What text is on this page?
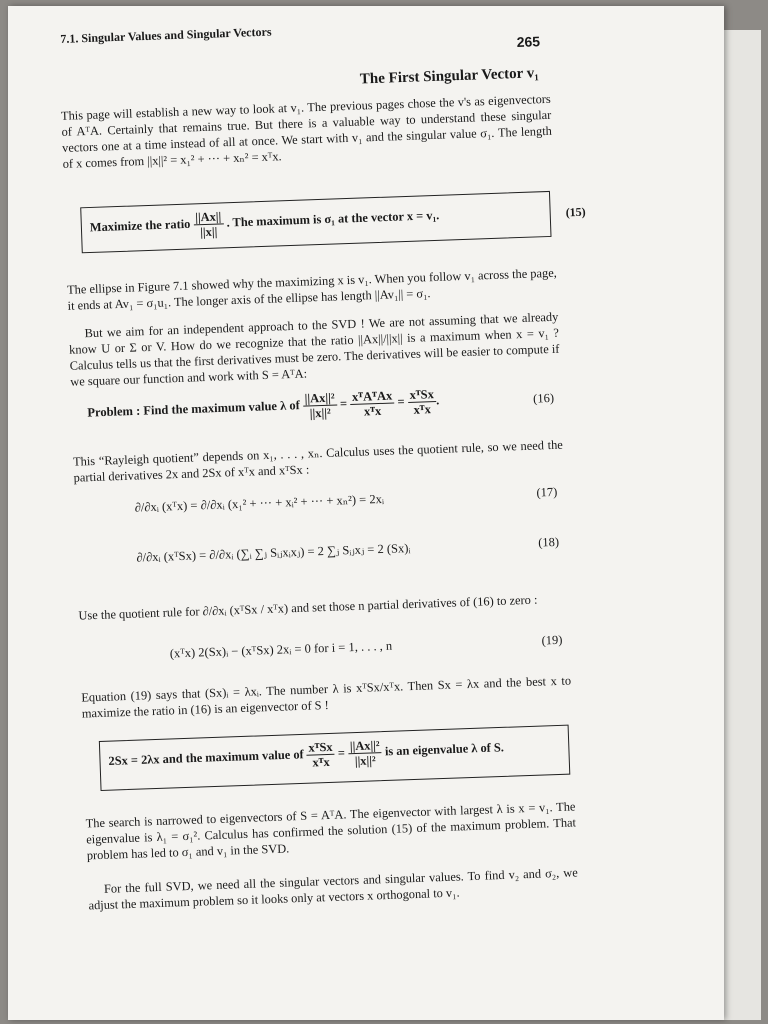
7.1. Singular Values and Singular Vectors	265
The First Singular Vector v₁
This page will establish a new way to look at v₁. The previous pages chose the v's as eigenvectors of AᵀA. Certainly that remains true. But there is a valuable way to understand these singular vectors one at a time instead of all at once. We start with v₁ and the singular value σ₁. The length of x comes from ||x||² = x₁² + ··· + xₙ² = xᵀx.
Maximize the ratio $\frac{||Ax||}{||x||}$ . The maximum is σ₁ at the vector x = v₁.	(15)
The ellipse in Figure 7.1 showed why the maximizing x is v₁. When you follow v₁ across the page, it ends at Av₁ = σ₁u₁. The longer axis of the ellipse has length ||Av₁|| = σ₁.
But we aim for an independent approach to the SVD ! We are not assuming that we already know U or Σ or V. How do we recognize that the ratio ||Ax||/||x|| is a maximum when x = v₁ ? Calculus tells us that the first derivatives must be zero. The derivatives will be easier to compute if we square our function and work with S = AᵀA:
Problem : Find the maximum value λ of $\frac{\text{||Ax||²}}{\text{||x||²}} = \frac{\text{xᵀAᵀAx}}{\text{xᵀx}} = \frac{\text{xᵀSx}}{\text{xᵀx}}$ .	(16)
This “Rayleigh quotient” depends on x₁, . . . , xₙ. Calculus uses the quotient rule, so we need the partial derivatives 2x and 2Sx of xᵀx and xᵀSx :
∂/∂xᵢ (xᵀx) = ∂/∂xᵢ (x₁² + ··· + xᵢ² + ··· + xₙ²) = 2xᵢ	(17)
∂/∂xᵢ (xᵀSx) = ∂/∂xᵢ (∑ᵢ ∑ⱼ Sᵢⱼxᵢxⱼ) = 2 ∑ⱼ Sᵢⱼxⱼ = 2 (Sx)ᵢ	(18)
Use the quotient rule for ∂/∂xᵢ (xᵀSx / xᵀx) and set those n partial derivatives of (16) to zero :
(xᵀx) 2(Sx)ᵢ − (xᵀSx) 2xᵢ = 0 for i = 1, . . . , n	(19)
Equation (19) says that (Sx)ᵢ = λxᵢ. The number λ is xᵀSx/xᵀx. Then Sx = λx and the best x to maximize the ratio in (16) is an eigenvector of S !
2Sx = 2λx and the maximum value of $\frac{\text{xᵀSx}}{\text{xᵀx}} = \frac{\text{||Ax||²}}{\text{||x||²}}$ is an eigenvalue λ of S.
The search is narrowed to eigenvectors of S = AᵀA. The eigenvector with largest λ is x = v₁. The eigenvalue is λ₁ = σ₁². Calculus has confirmed the solution (15) of the maximum problem. That problem has led to σ₁ and v₁ in the SVD.
For the full SVD, we need all the singular vectors and singular values. To find v₂ and σ₂, we adjust the maximum problem so it looks only at vectors x orthogonal to v₁.
